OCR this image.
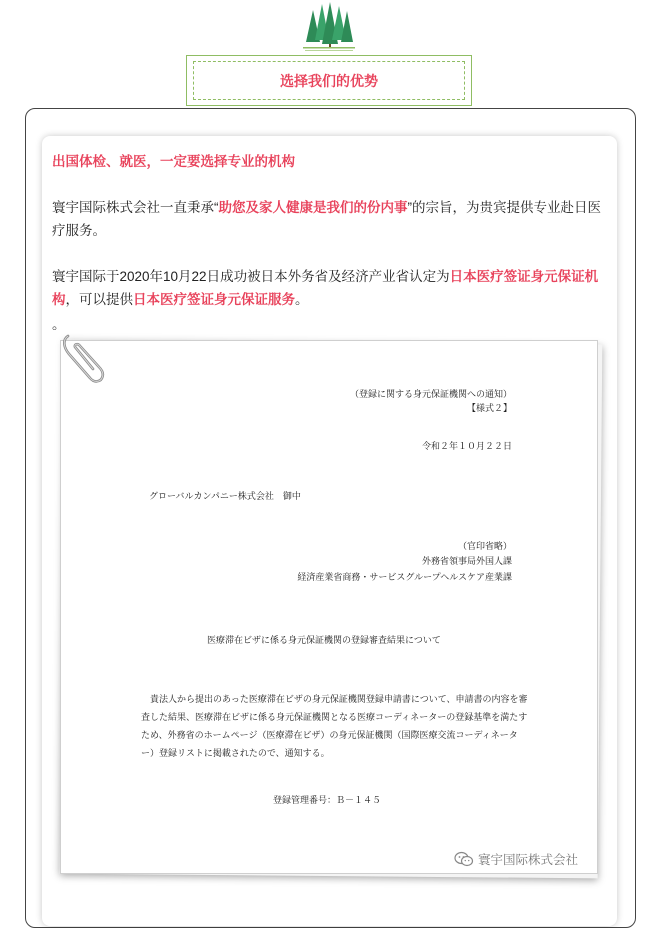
选择我们的优势

出国体检、就医，一定要选择专业的机构

寰宇国际株式会社一直秉承“助您及家人健康是我们的份内事”的宗旨，为贵宾提供专业赴日医疗服务。

寰宇国际于2020年10月22日成功被日本外务省及经济产业省认定为日本医疗签证身元保证机构，可以提供日本医疗签证身元保证服务。

。

（登録に関する身元保証機関への通知）
【様式２】
令和２年１０月２２日
グローバルカンパニー株式会社　御中
（官印省略）
外務省領事局外国人課
経済産業省商務・サービスグループヘルスケア産業課
医療滞在ビザに係る身元保証機関の登録審査結果について
貴法人から提出のあった医療滞在ビザの身元保証機関登録申請書について、申請書の内容を審査した結果、医療滞在ビザに係る身元保証機関となる医療コーディネーターの登録基準を満たすため、外務省のホームページ（医療滞在ビザ）の身元保証機関（国際医療交流コーディネーター）登録リストに掲載されたので、通知する。
登録管理番号：Ｂ－１４５
寰宇国际株式会社
